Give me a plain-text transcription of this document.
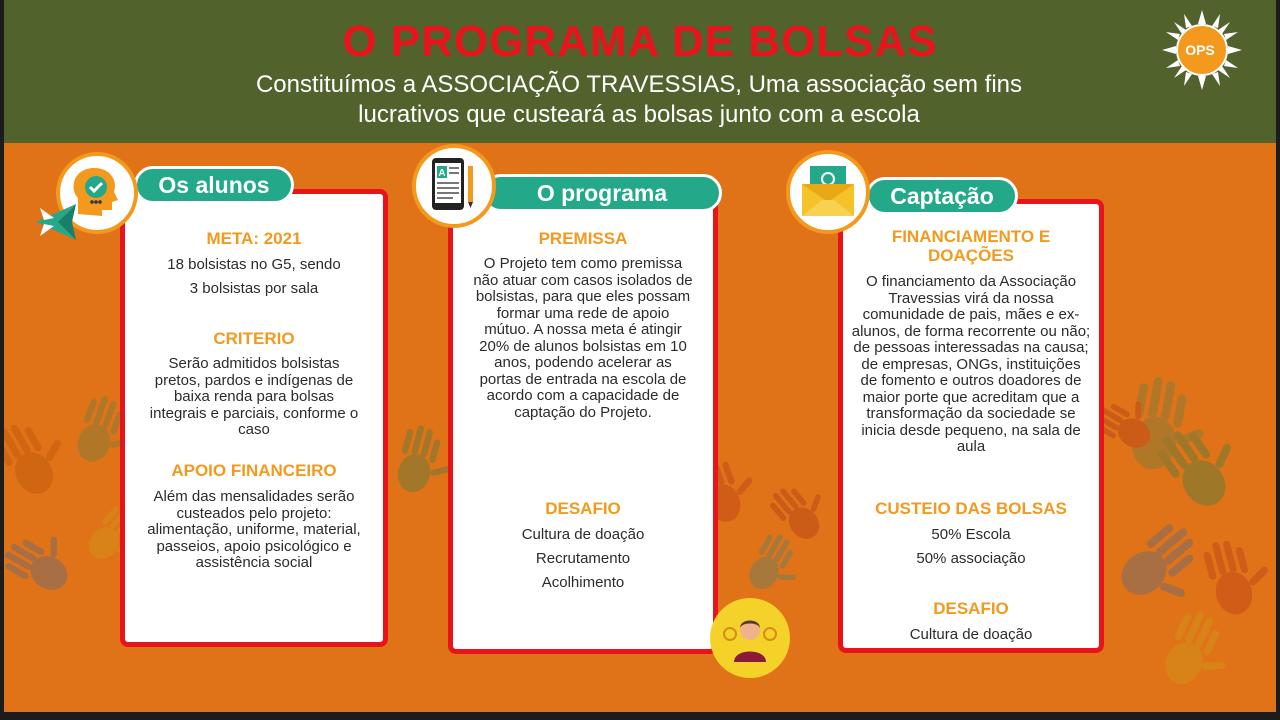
O PROGRAMA DE BOLSAS
Constituímos a ASSOCIAÇÃO TRAVESSIAS, Uma associação sem fins
lucrativos que custeará as bolsas junto com a escola
OPS
META: 2021
18 bolsistas no G5, sendo
3 bolsistas por sala
CRITERIO
Serão admitidos bolsistas pretos, pardos e indígenas de baixa renda para bolsas integrais e parciais, conforme o caso
APOIO FINANCEIRO
Além das mensalidades serão custeados pelo projeto: alimentação, uniforme, material, passeios, apoio psicológico e assistência social
Os alunos
PREMISSA
O Projeto tem como premissa não atuar com casos isolados de bolsistas, para que eles possam formar uma rede de apoio mútuo. A nossa meta é atingir 20% de alunos bolsistas em 10 anos, podendo acelerar as portas de entrada na escola de acordo com a capacidade de captação do Projeto.
DESAFIO
Cultura de doação
Recrutamento
Acolhimento
O programa
A
FINANCIAMENTO E
DOAÇÕES
O financiamento da Associação Travessias virá da nossa comunidade de pais, mães e ex-alunos, de forma recorrente ou não; de pessoas interessadas na causa; de empresas, ONGs, instituições de fomento e outros doadores de maior porte que acreditam que a transformação da sociedade se inicia desde pequeno, na sala de aula
CUSTEIO DAS BOLSAS
50% Escola
50% associação
DESAFIO
Cultura de doação
Captação
